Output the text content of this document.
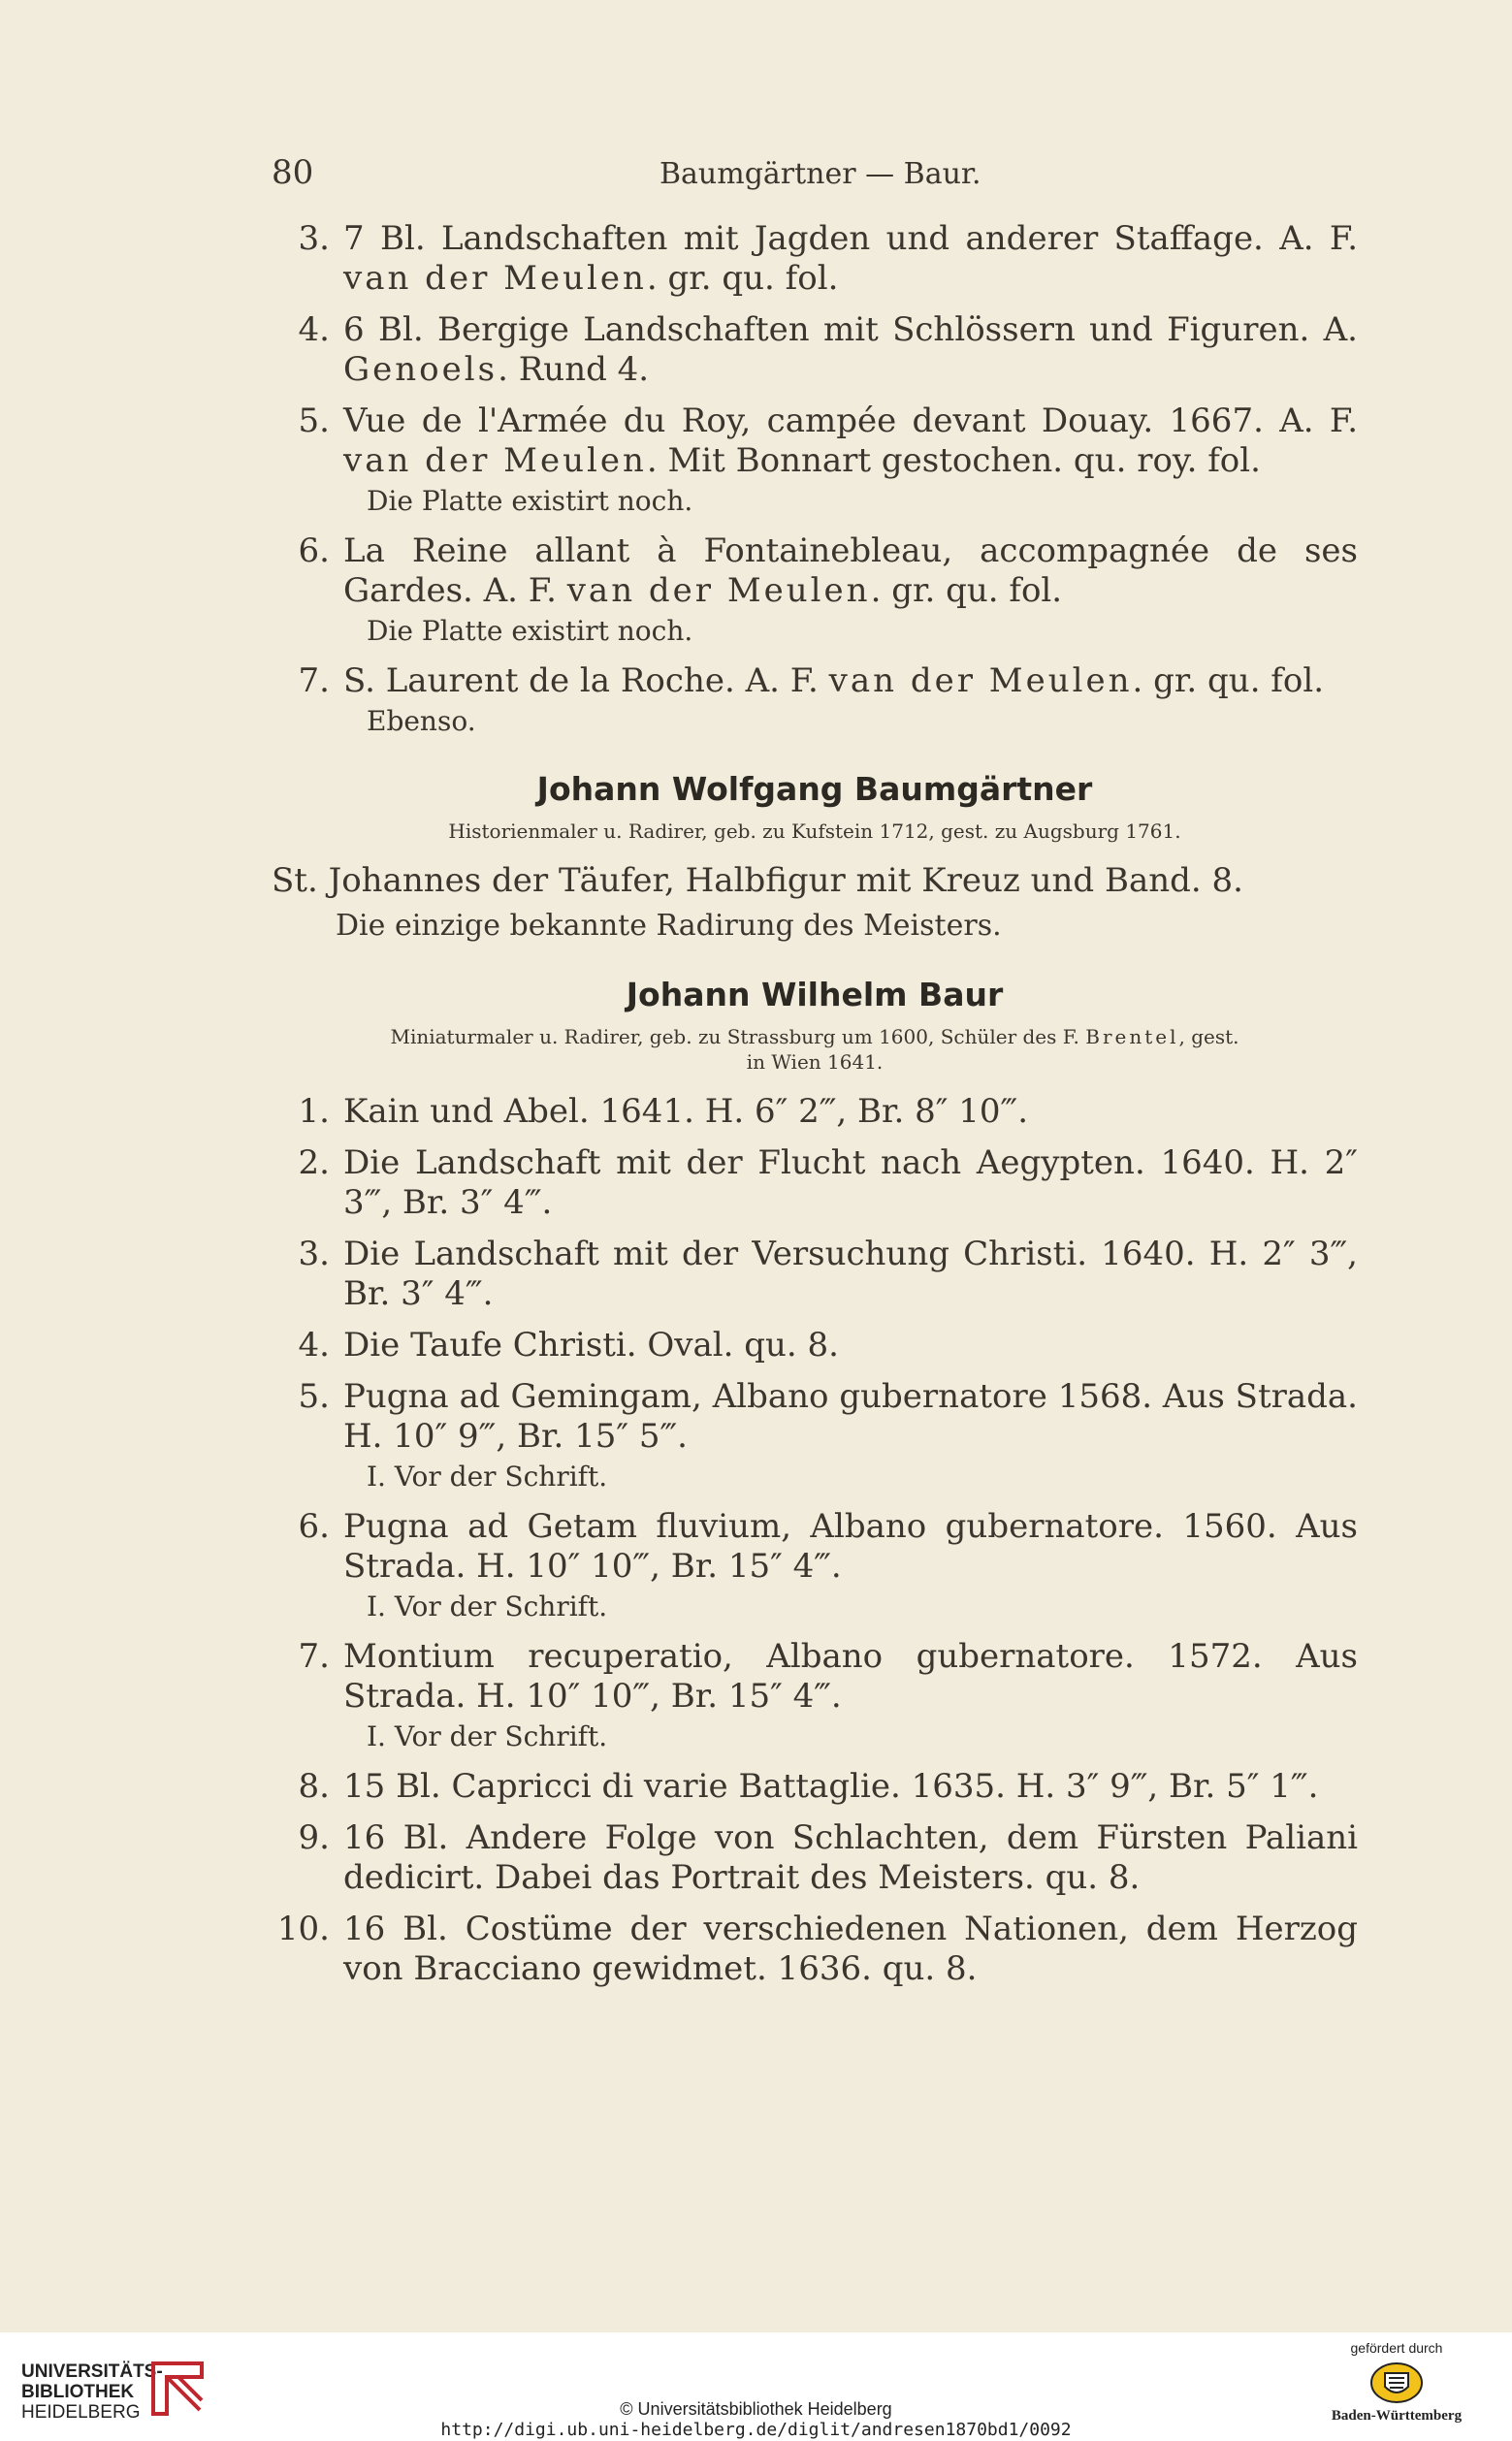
80	Baumgärtner — Baur.
3. 7 Bl. Landschaften mit Jagden und anderer Staffage. A. F. van der Meulen. gr. qu. fol.
4. 6 Bl. Bergige Landschaften mit Schlössern und Figuren. A. Genoels. Rund 4.
5. Vue de l'Armée du Roy, campée devant Douay. 1667. A. F. van der Meulen. Mit Bonnart gestochen. qu. roy. fol.
Die Platte existirt noch.
6. La Reine allant à Fontainebleau, accompagnée de ses Gardes. A. F. van der Meulen. gr. qu. fol.
Die Platte existirt noch.
7. S. Laurent de la Roche. A. F. van der Meulen. gr. qu. fol.
Ebenso.
Johann Wolfgang Baumgärtner
Historienmaler u. Radirer, geb. zu Kufstein 1712, gest. zu Augsburg 1761.
St. Johannes der Täufer, Halbfigur mit Kreuz und Band. 8.
Die einzige bekannte Radirung des Meisters.
Johann Wilhelm Baur
Miniaturmaler u. Radirer, geb. zu Strassburg um 1600, Schüler des F. Brentel, gest.
in Wien 1641.
1. Kain und Abel. 1641. H. 6″ 2‴, Br. 8″ 10‴.
2. Die Landschaft mit der Flucht nach Aegypten. 1640. H. 2″ 3‴, Br. 3″ 4‴.
3. Die Landschaft mit der Versuchung Christi. 1640. H. 2″ 3‴, Br. 3″ 4‴.
4. Die Taufe Christi. Oval. qu. 8.
5. Pugna ad Gemingam, Albano gubernatore 1568. Aus Strada. H. 10″ 9‴, Br. 15″ 5‴.
I. Vor der Schrift.
6. Pugna ad Getam fluvium, Albano gubernatore. 1560. Aus Strada. H. 10″ 10‴, Br. 15″ 4‴.
I. Vor der Schrift.
7. Montium recuperatio, Albano gubernatore. 1572. Aus Strada. H. 10″ 10‴, Br. 15″ 4‴.
I. Vor der Schrift.
8. 15 Bl. Capricci di varie Battaglie. 1635. H. 3″ 9‴, Br. 5″ 1‴.
9. 16 Bl. Andere Folge von Schlachten, dem Fürsten Paliani dedicirt. Dabei das Portrait des Meisters. qu. 8.
10. 16 Bl. Costüme der verschiedenen Nationen, dem Herzog von Bracciano gewidmet. 1636. qu. 8.
UNIVERSITÄTS-
BIBLIOTHEK
HEIDELBERG	© Universitätsbibliothek Heidelberg
http://digi.ub.uni-heidelberg.de/diglit/andresen1870bd1/0092
gefördert durch
Baden-Württemberg
